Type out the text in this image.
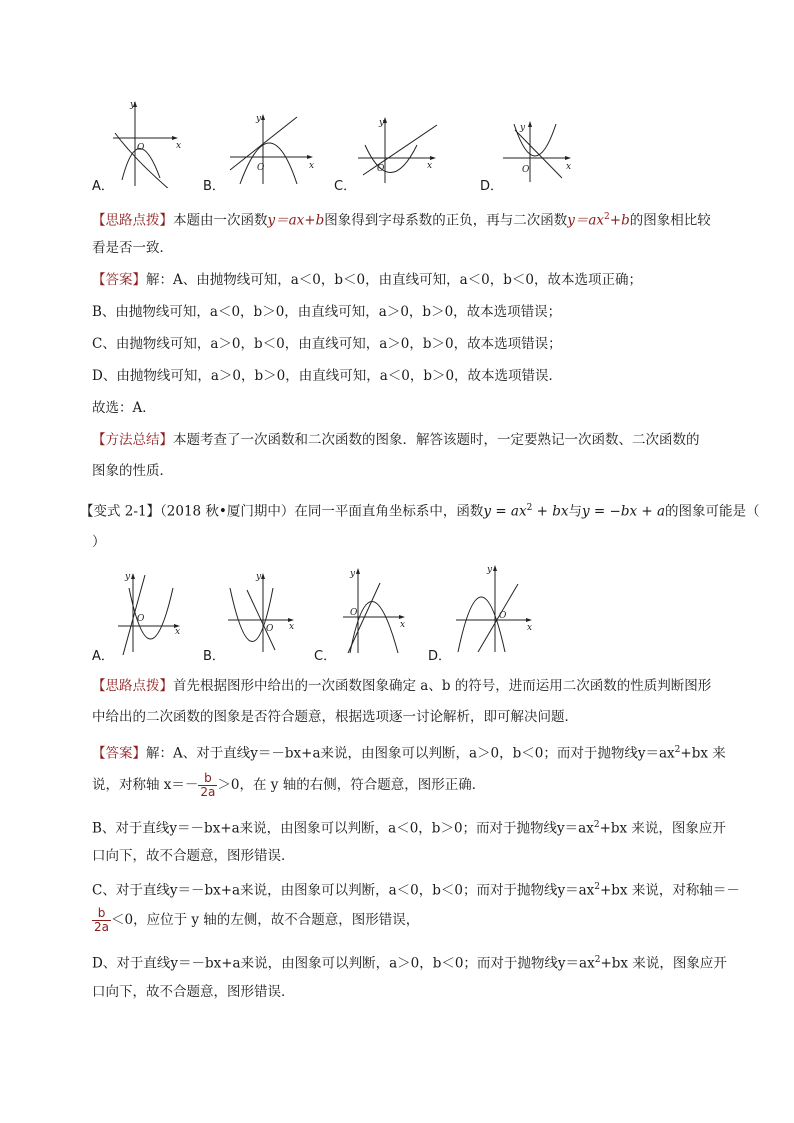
y
x
O
y
x
O
y
x
O
y
x
O
A．	B．	C．	D．
【思路点拨】本题由一次函数y＝ax+b图象得到字母系数的正负，再与二次函数$y=ax^2+b$的图象相比较
看是否一致．
【答案】解：A、由抛物线可知，a＜0，b＜0，由直线可知，a＜0，b＜0，故本选项正确；
B、由抛物线可知，a＜0，b＞0，由直线可知，a＞0，b＞0，故本选项错误；
C、由抛物线可知，a＞0，b＜0，由直线可知，a＞0，b＞0，故本选项错误；
D、由抛物线可知，a＞0，b＞0，由直线可知，a＜0，b＞0，故本选项错误．
故选：A．
【方法总结】本题考查了一次函数和二次函数的图象．解答该题时，一定要熟记一次函数、二次函数的
图象的性质．
【变式 2-1】（2018 秋•厦门期中）在同一平面直角坐标系中，函数$y = ax^2$ + bx与y = −bx + a的图象可能是（
）
y
x
O
y
x
O
y
x
O
y
x
O
A．	B．	C．	D．
【思路点拨】首先根据图形中给出的一次函数图象确定 a、b 的符号，进而运用二次函数的性质判断图形
中给出的二次函数的图象是否符合题意，根据选项逐一讨论解析，即可解决问题．
【答案】解：A、对于直线y＝－bx+a来说，由图象可以判断，a＞0，b＜0；而对于抛物线$y=ax^2+bx$ 来
说，对称轴 $x=- \frac{b}{2a} >0$，在 y 轴的右侧，符合题意，图形正确．
B、对于直线y＝－bx+a来说，由图象可以判断，a＜0，b＞0；而对于抛物线$y=ax^2+bx$ 来说，图象应开
口向下，故不合题意，图形错误．
C、对于直线y＝－bx+a来说，由图象可以判断，a＜0，b＜0；而对于抛物线$y=ax^2+bx$ 来说，对称轴＝－
$\frac{b}{2a} <0$，应位于 y 轴的左侧，故不合题意，图形错误，
D、对于直线y＝－bx+a来说，由图象可以判断，a＞0，b＜0；而对于抛物线$y=ax^2+bx$ 来说，图象应开
口向下，故不合题意，图形错误．
